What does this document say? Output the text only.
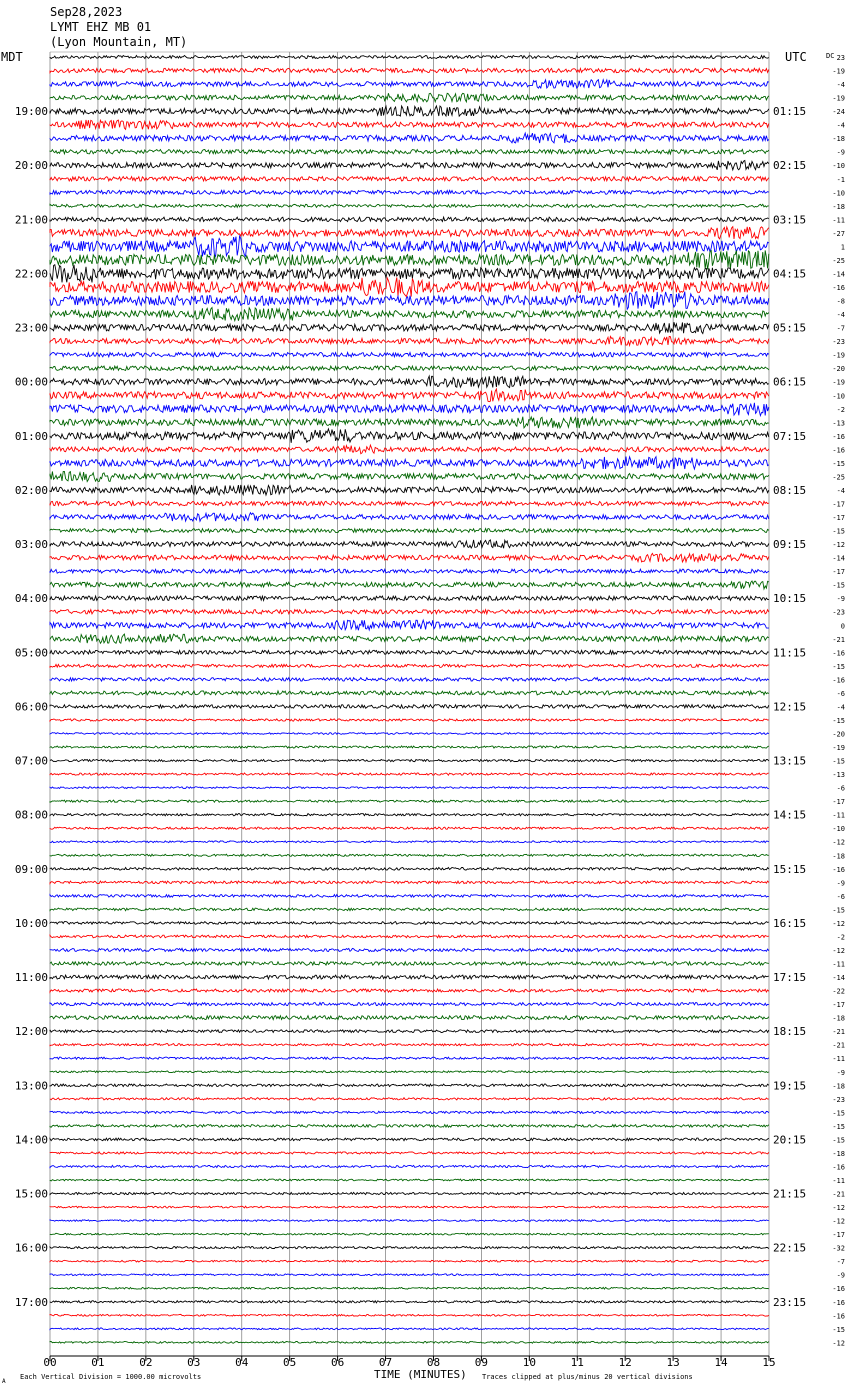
Sep28,2023
LYMT EHZ MB 01
(Lyon Mountain, MT)
MDT	UTC	DC
19:00
20:00
21:00
22:00
23:00
00:00
01:00
02:00
03:00
04:00
05:00
06:00
07:00
08:00
09:00
10:00
11:00
12:00
13:00
14:00
15:00
16:00
17:00
01:15
02:15
03:15
04:15
05:15
06:15
07:15
08:15
09:15
10:15
11:15
12:15
13:15
14:15
15:15
16:15
17:15
18:15
19:15
20:15
21:15
22:15
23:15
23
-19
-4
-19
-24
-4
-18
-9
-10
-1
-10
-18
-11
-27
1
-25
-14
-16
-8
-4
-7
-23
-19
-20
-19
-10
-2
-13
-16
-16
-15
-25
-4
-17
-17
-15
-12
-14
-17
-15
-9
-23
0
-21
-16
-15
-16
-6
-4
-15
-20
-19
-15
-13
-6
-17
-11
-10
-12
-18
-16
-9
-6
-15
-12
-2
-12
-11
-14
-22
-17
-18
-21
-21
-11
-9
-18
-23
-15
-15
-15
-18
-16
-11
-21
-12
-12
-17
-32
-7
-9
-16
-16
-16
-15
-12
00	01	02	03	04	05	06	07	08	09	10	11	12	13	14	15
A
Each Vertical Division = 1000.00 microvolts	TIME (MINUTES) Traces clipped at plus/minus 20 vertical divisions
